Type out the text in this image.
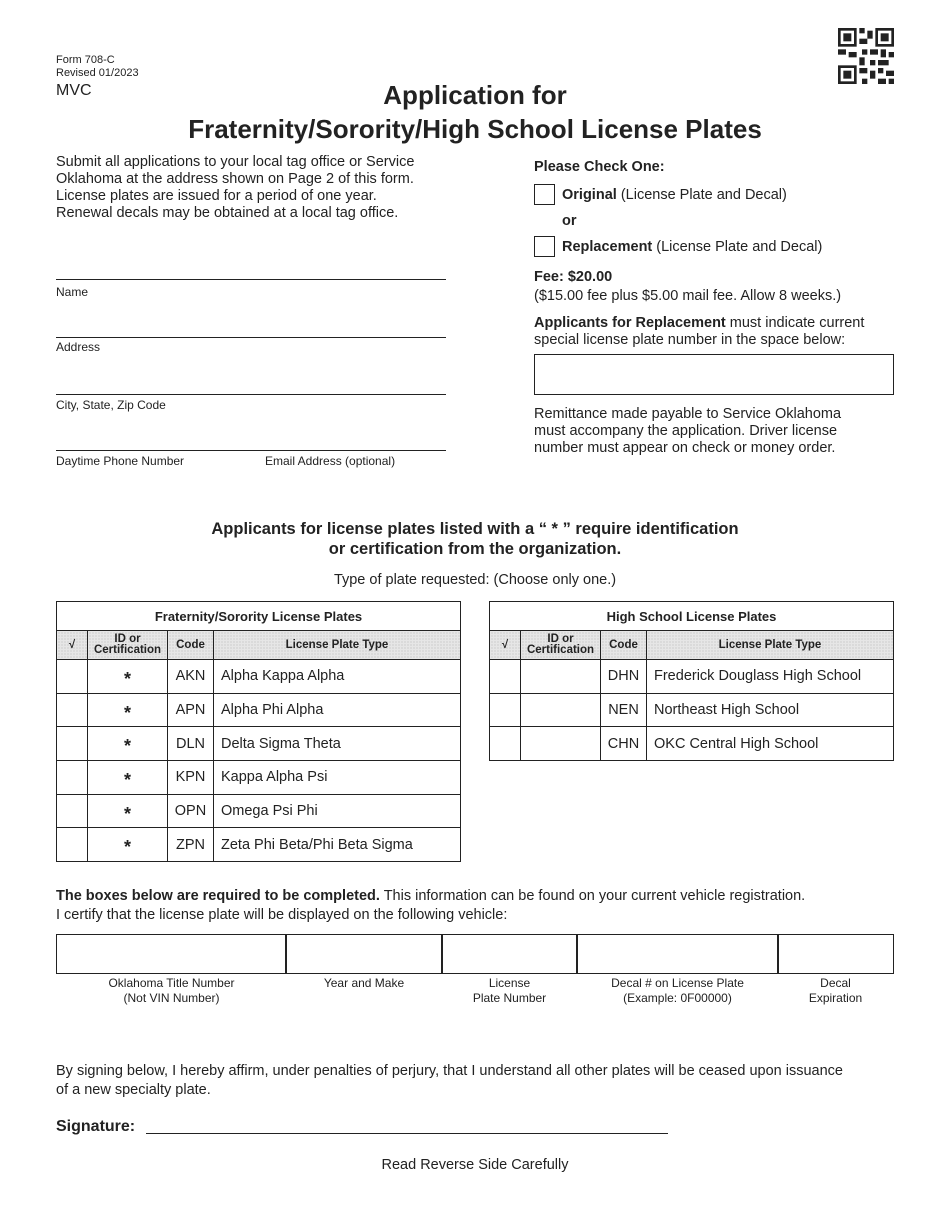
Form 708-C
Revised 01/2023
MVC	Application for
Fraternity/Sorority/High School License Plates
Submit all applications to your local tag office or Service
Oklahoma at the address shown on Page 2 of this form.
License plates are issued for a period of one year.
Renewal decals may be obtained at a local tag office.
Name
Address
City, State, Zip Code
Daytime Phone Number	Email Address (optional)
Please Check One:
Original (License Plate and Decal)
or
Replacement (License Plate and Decal)
Fee: $20.00
($15.00 fee plus $5.00 mail fee. Allow 8 weeks.)
Applicants for Replacement must indicate current
special license plate number in the space below:
Remittance made payable to Service Oklahoma
must accompany the application. Driver license
number must appear on check or money order.
Applicants for license plates listed with a “ * ” require identification
or certification from the organization.
Type of plate requested: (Choose only one.)
Fraternity/Sorority License Plates			
√	ID or
Certification	Code	License Plate Type
	*	AKN	Alpha Kappa Alpha
	*	APN	Alpha Phi Alpha
	*	DLN	Delta Sigma Theta
	*	KPN	Kappa Alpha Psi
	*	OPN	Omega Psi Phi
	*	ZPN	Zeta Phi Beta/Phi Beta Sigma
High School License Plates			
√	ID or
Certification	Code	License Plate Type
		DHN	Frederick Douglass High School
		NEN	Northeast High School
		CHN	OKC Central High School
The boxes below are required to be completed. This information can be found on your current vehicle registration.
I certify that the license plate will be displayed on the following vehicle:
Oklahoma Title Number
(Not VIN Number)
Year and Make	License
Plate Number
Decal # on License Plate
(Example: 0F00000)
Decal
Expiration
By signing below, I hereby affirm, under penalties of perjury, that I understand all other plates will be ceased upon issuance
of a new specialty plate.
Signature:
Read Reverse Side Carefully
